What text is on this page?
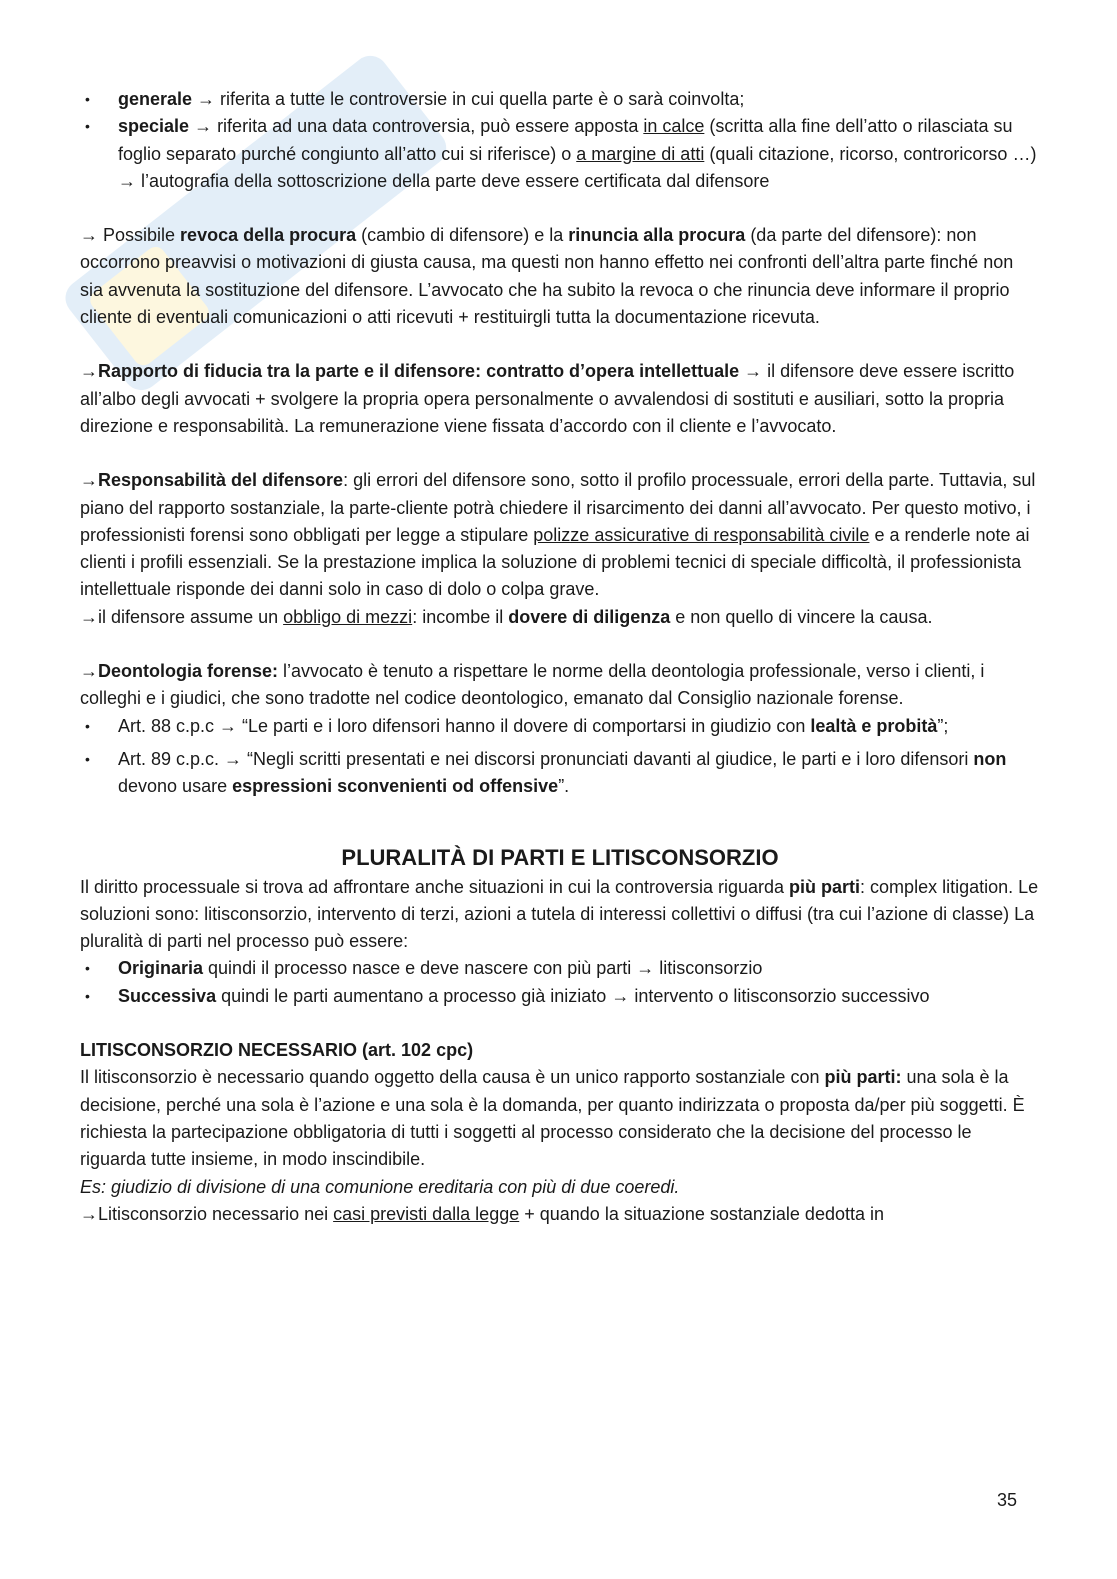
• generale → riferita a tutte le controversie in cui quella parte è o sarà coinvolta;
• speciale → riferita ad una data controversia, può essere apposta in calce (scritta alla fine dell’atto o rilasciata su foglio separato purché congiunto all’atto cui si riferisce) o a margine di atti (quali citazione, ricorso, controricorso …) → l’autografia della sottoscrizione della parte deve essere certificata dal difensore

→ Possibile revoca della procura (cambio di difensore) e la rinuncia alla procura (da parte del difensore): non occorrono preavvisi o motivazioni di giusta causa, ma questi non hanno effetto nei confronti dell’altra parte finché non sia avvenuta la sostituzione del difensore. L’avvocato che ha subito la revoca o che rinuncia deve informare il proprio cliente di eventuali comunicazioni o atti ricevuti + restituirgli tutta la documentazione ricevuta.

→Rapporto di fiducia tra la parte e il difensore: contratto d’opera intellettuale → il difensore deve essere iscritto all’albo degli avvocati + svolgere la propria opera personalmente o avvalendosi di sostituti e ausiliari, sotto la propria direzione e responsabilità. La remunerazione viene fissata d’accordo con il cliente e l’avvocato.

→Responsabilità del difensore: gli errori del difensore sono, sotto il profilo processuale, errori della parte. Tuttavia, sul piano del rapporto sostanziale, la parte-cliente potrà chiedere il risarcimento dei danni all’avvocato. Per questo motivo, i professionisti forensi sono obbligati per legge a stipulare polizze assicurative di responsabilità civile e a renderle note ai clienti i profili essenziali. Se la prestazione implica la soluzione di problemi tecnici di speciale difficoltà, il professionista intellettuale risponde dei danni solo in caso di dolo o colpa grave.

→il difensore assume un obbligo di mezzi: incombe il dovere di diligenza e non quello di vincere la causa.

→Deontologia forense: l’avvocato è tenuto a rispettare le norme della deontologia professionale, verso i clienti, i colleghi e i giudici, che sono tradotte nel codice deontologico, emanato dal Consiglio nazionale forense.

• Art. 88 c.p.c → “Le parti e i loro difensori hanno il dovere di comportarsi in giudizio con lealtà e probità”;
• Art. 89 c.p.c. → “Negli scritti presentati e nei discorsi pronunciati davanti al giudice, le parti e i loro difensori non devono usare espressioni sconvenienti od offensive”.
PLURALITÀ DI PARTI E LITISCONSORZIO

Il diritto processuale si trova ad affrontare anche situazioni in cui la controversia riguarda più parti: complex litigation. Le soluzioni sono: litisconsorzio, intervento di terzi, azioni a tutela di interessi collettivi o diffusi (tra cui l’azione di classe) La pluralità di parti nel processo può essere:

• Originaria quindi il processo nasce e deve nascere con più parti → litisconsorzio
• Successiva quindi le parti aumentano a processo già iniziato → intervento o litisconsorzio successivo
LITISCONSORZIO NECESSARIO (art. 102 cpc)

Il litisconsorzio è necessario quando oggetto della causa è un unico rapporto sostanziale con più parti: una sola è la decisione, perché una sola è l’azione e una sola è la domanda, per quanto indirizzata o proposta da/per più soggetti. È richiesta la partecipazione obbligatoria di tutti i soggetti al processo considerato che la decisione del processo le riguarda tutte insieme, in modo inscindibile.

Es: giudizio di divisione di una comunione ereditaria con più di due coeredi.

→Litisconsorzio necessario nei casi previsti dalla legge + quando la situazione sostanziale dedotta in

35
